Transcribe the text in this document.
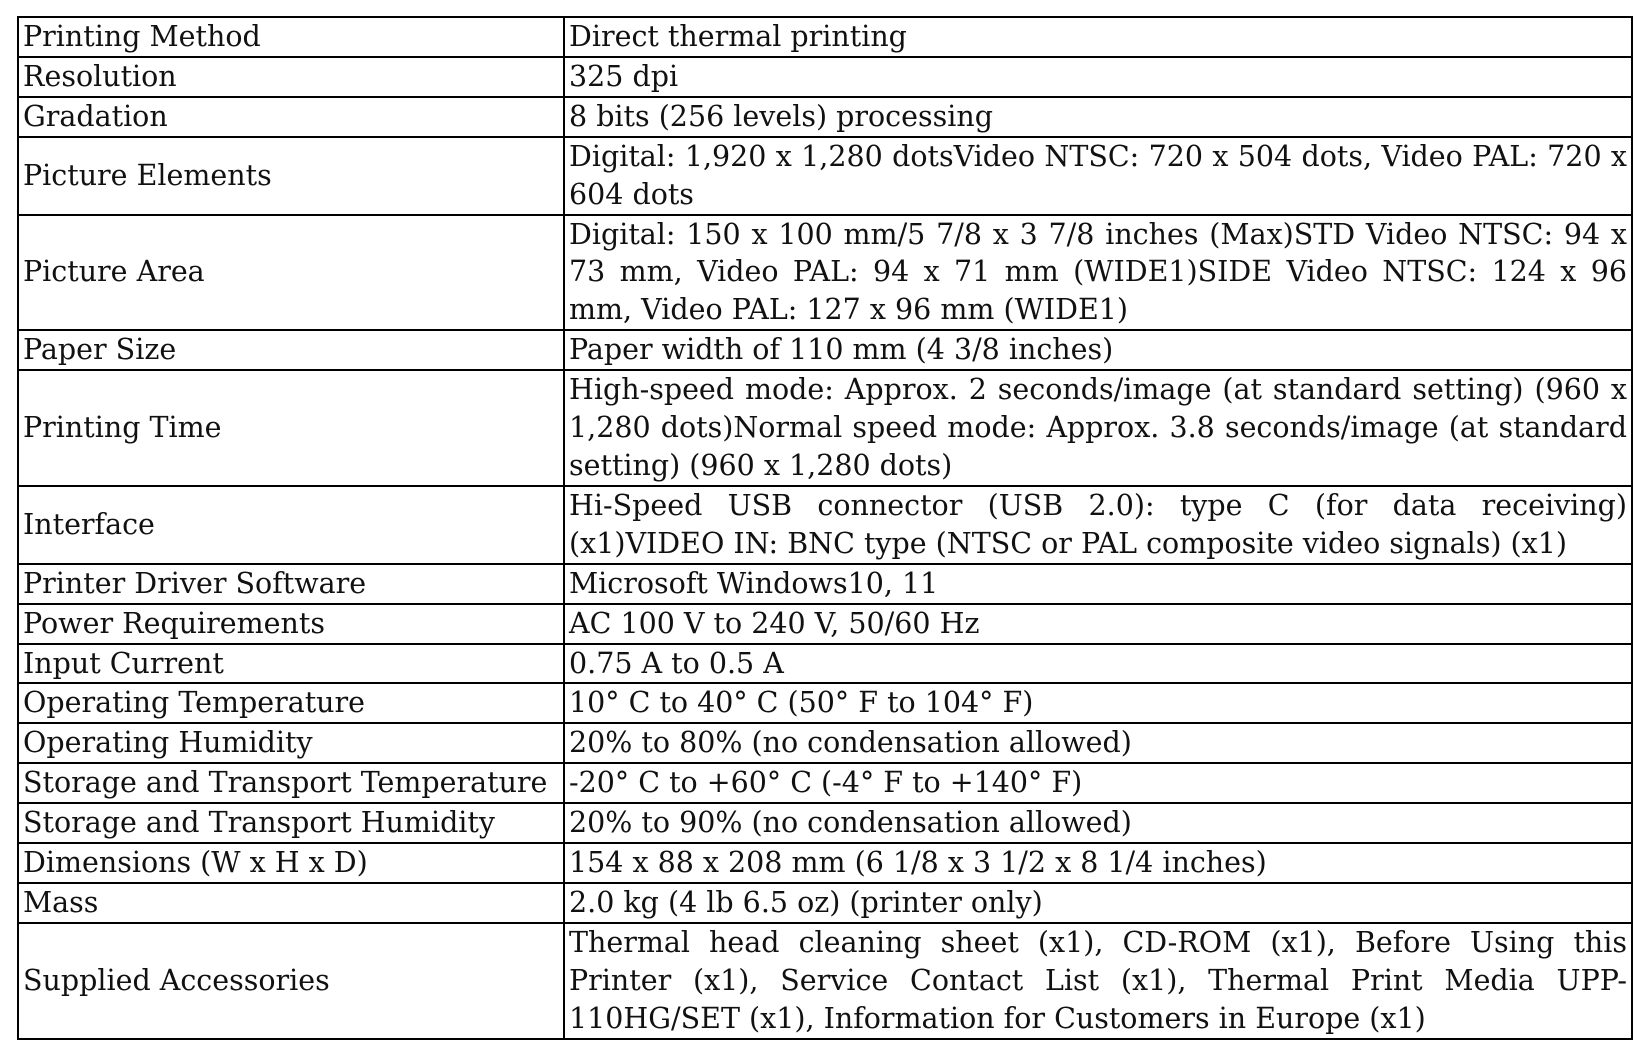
Printing Method	Direct thermal printing
Resolution	325 dpi
Gradation	8 bits (256 levels) processing
Picture Elements	Digital: 1,920 x 1,280 dotsVideo NTSC: 720 x 504 dots, Video PAL: 720 x 604 dots
Picture Area	Digital: 150 x 100 mm/5 7/8 x 3 7/8 inches (Max)STD Video NTSC: 94 x 73 mm, Video PAL: 94 x 71 mm (WIDE1)SIDE Video NTSC: 124 x 96 mm, Video PAL: 127 x 96 mm (WIDE1)
Paper Size	Paper width of 110 mm (4 3/8 inches)
Printing Time	High-speed mode: Approx. 2 seconds/image (at standard setting) (960 x 1,280 dots)Normal speed mode: Approx. 3.8 seconds/image (at standard setting) (960 x 1,280 dots)
Interface	Hi-Speed USB connector (USB 2.0): type C (for data receiving) (x1)VIDEO IN: BNC type (NTSC or PAL composite video signals) (x1)
Printer Driver Software	Microsoft Windows10, 11
Power Requirements	AC 100 V to 240 V, 50/60 Hz
Input Current	0.75 A to 0.5 A
Operating Temperature	10° C to 40° C (50° F to 104° F)
Operating Humidity	20% to 80% (no condensation allowed)
Storage and Transport Temperature	-20° C to +60° C (-4° F to +140° F)
Storage and Transport Humidity	20% to 90% (no condensation allowed)
Dimensions (W x H x D)	154 x 88 x 208 mm (6 1/8 x 3 1/2 x 8 1/4 inches)
Mass	2.0 kg (4 lb 6.5 oz) (printer only)
Supplied Accessories	Thermal head cleaning sheet (x1), CD-ROM (x1), Before Using this Printer (x1), Service Contact List (x1), Thermal Print Media UPP-110HG/SET (x1), Information for Customers in Europe (x1)
